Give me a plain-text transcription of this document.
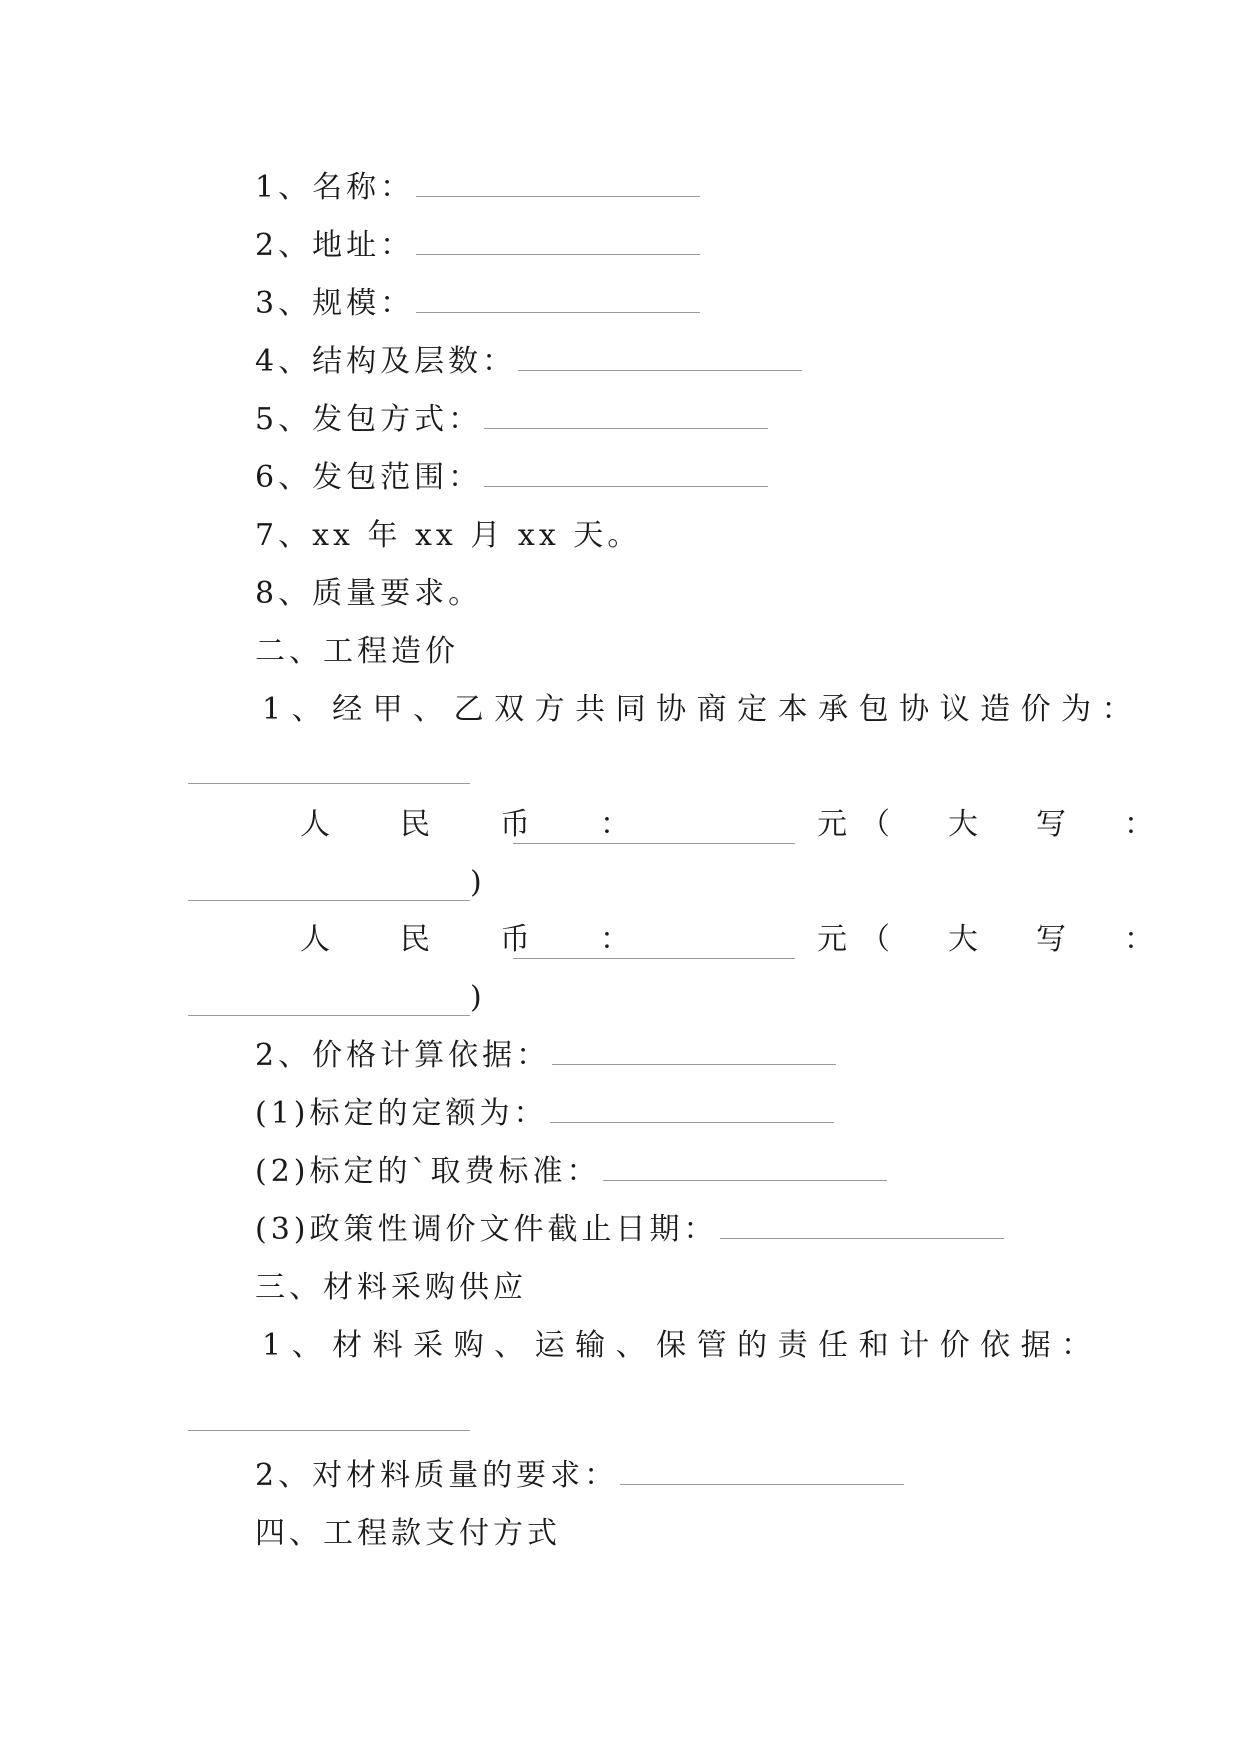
1、名称：
2、地址：
3、规模：
4、结构及层数：
5、发包方式：
6、发包范围：
7、xx 年 xx 月 xx 天。
8、质量要求。
二、工程造价
1、经甲、乙双方共同协商定本承包协议造价为：
人　民　币　：	元 （　大　写　：
)
人　民　币　：	元 （　大　写　：
)
2、价格计算依据：
(1)标定的定额为：
(2)标定的`取费标准：
(3)政策性调价文件截止日期：
三、材料采购供应
1、材料采购、运输、保管的责任和计价依据：
2、对材料质量的要求：
四、工程款支付方式
